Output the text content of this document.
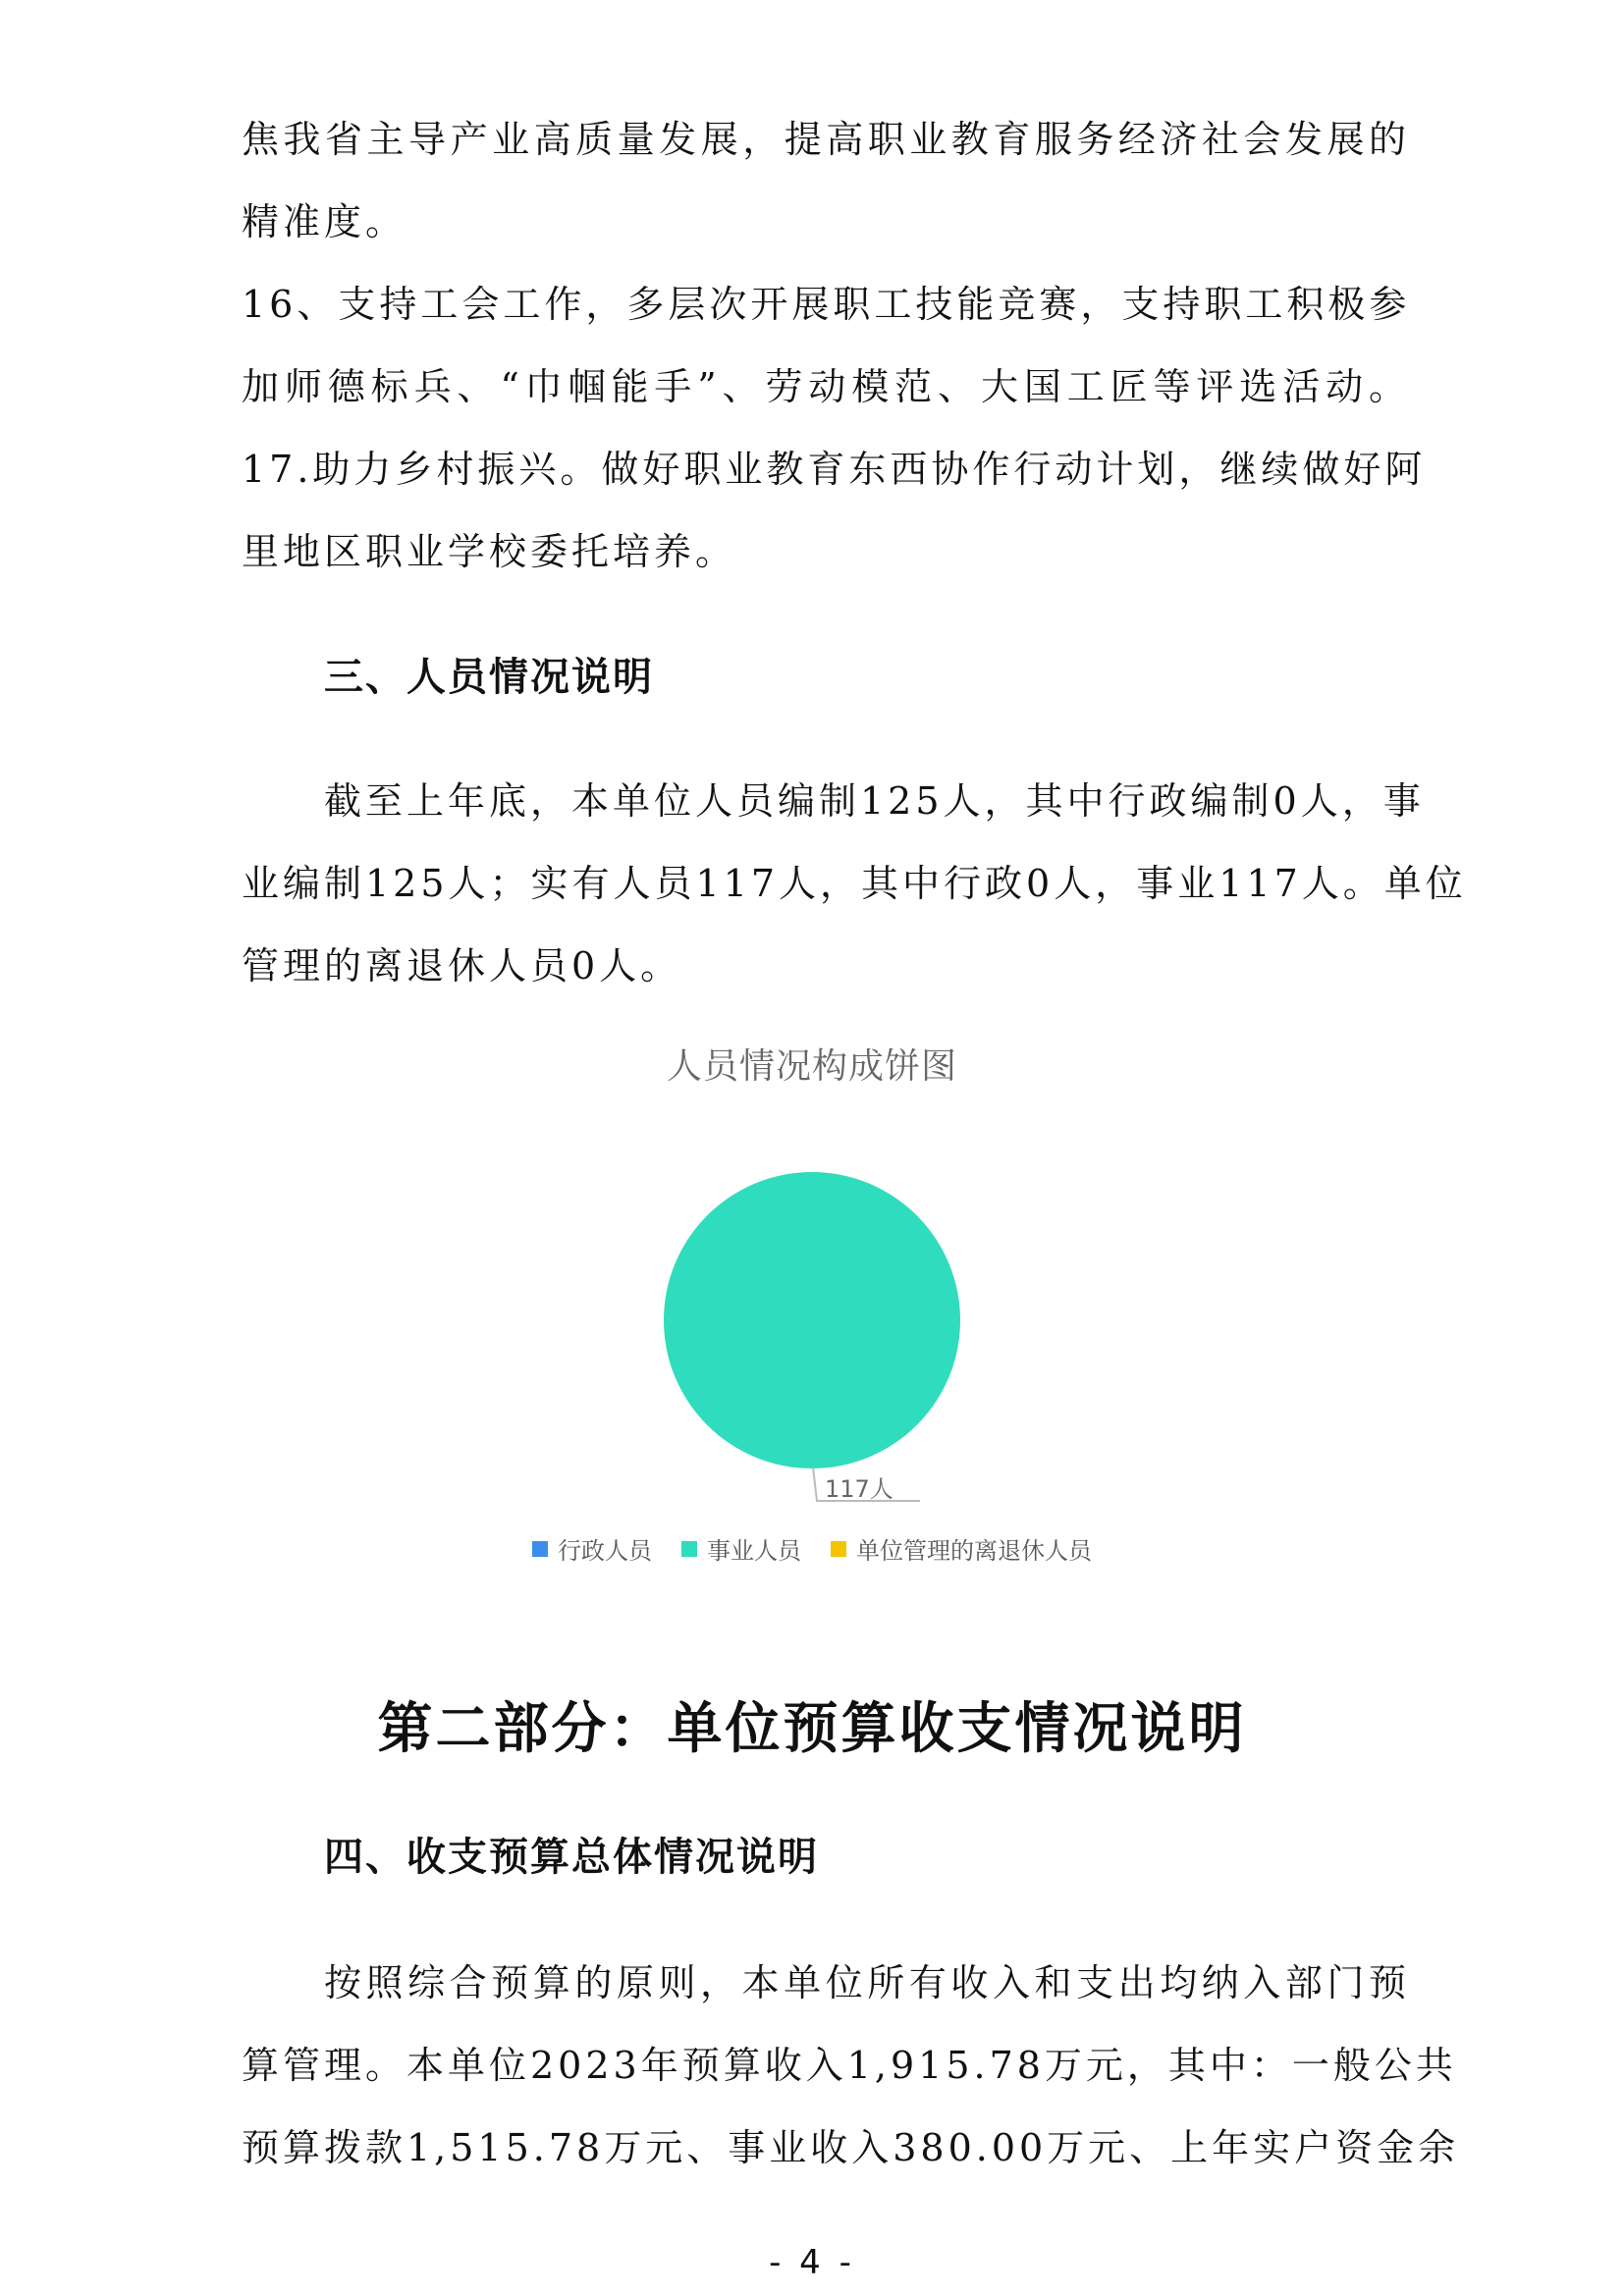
焦我省主导产业高质量发展，提高职业教育服务经济社会发展的
精准度。
16、支持工会工作，多层次开展职工技能竞赛，支持职工积极参
加师德标兵、“巾帼能手”、劳动模范、大国工匠等评选活动。
17.助力乡村振兴。做好职业教育东西协作行动计划，继续做好阿
里地区职业学校委托培养。
三、人员情况说明
截至上年底，本单位人员编制125人，其中行政编制0人，事
业编制125人；实有人员117人，其中行政0人，事业117人。单位
管理的离退休人员0人。
人员情况构成饼图
117人
行政人员 事业人员 单位管理的离退休人员
第二部分：单位预算收支情况说明
四、收支预算总体情况说明
按照综合预算的原则，本单位所有收入和支出均纳入部门预
算管理。本单位2023年预算收入1,915.78万元，其中：一般公共
预算拨款1,515.78万元、事业收入380.00万元、上年实户资金余
- 4 -
